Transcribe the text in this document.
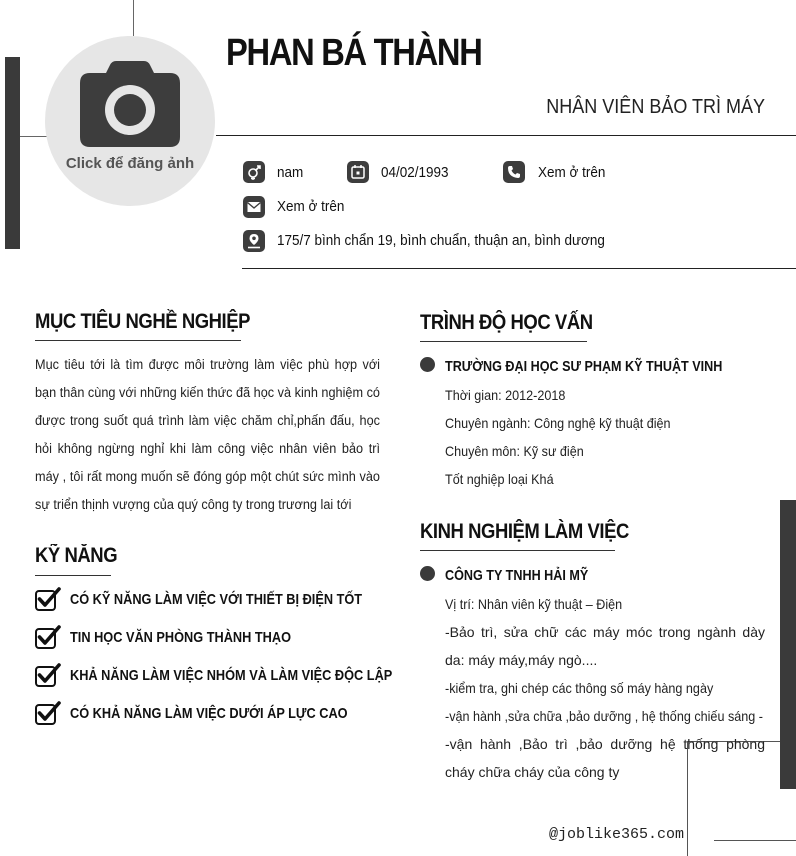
Click để đăng ảnh
PHAN BÁ THÀNH
NHÂN VIÊN BẢO TRÌ MÁY
nam	04/02/1993	Xem ở trên
Xem ở trên
175/7 bình chẩn 19, bình chuẩn, thuận an, bình dương
MỤC TIÊU NGHỀ NGHIỆP
Mục tiêu tới là tìm được môi trường làm việc phù hợp với bạn thân cùng với những kiến thức đã học và kinh nghiệm có được trong suốt quá trình làm việc chăm chỉ,phấn đấu, học hỏi không ngừng nghỉ khi làm công việc nhân viên bảo trì máy , tôi rất mong muốn sẽ đóng góp một chút sức mình vào sự triển thịnh vượng của quý công ty trong trương lai tới
KỸ NĂNG
CÓ KỸ NĂNG LÀM VIỆC VỚI THIẾT BỊ ĐIỆN TỐT
TIN HỌC VĂN PHÒNG THÀNH THẠO
KHẢ NĂNG LÀM VIỆC NHÓM VÀ LÀM VIỆC ĐỘC LẬP
CÓ KHẢ NĂNG LÀM VIỆC DƯỚI ÁP LỰC CAO
TRÌNH ĐỘ HỌC VẤN
TRƯỜNG ĐẠI HỌC SƯ PHẠM KỸ THUẬT VINH
Thời gian: 2012-2018
Chuyên ngành: Công nghệ kỹ thuật điện
Chuyên môn: Kỹ sư điện
Tốt nghiệp loại Khá
KINH NGHIỆM LÀM VIỆC
CÔNG TY TNHH HẢI MỸ
Vị trí: Nhân viên kỹ thuật – Điện
-Bảo trì, sửa chữ các máy móc trong ngành dày da: máy máy,máy ngò....
-kiểm tra, ghi chép các thông số máy hàng ngày
-vận hành ,sửa chữa ,bảo dưỡng , hệ thống chiếu sáng -
-vận hành ,Bảo trì ,bảo dưỡng hệ thống phòng cháy chữa cháy của công ty
@joblike365.com
